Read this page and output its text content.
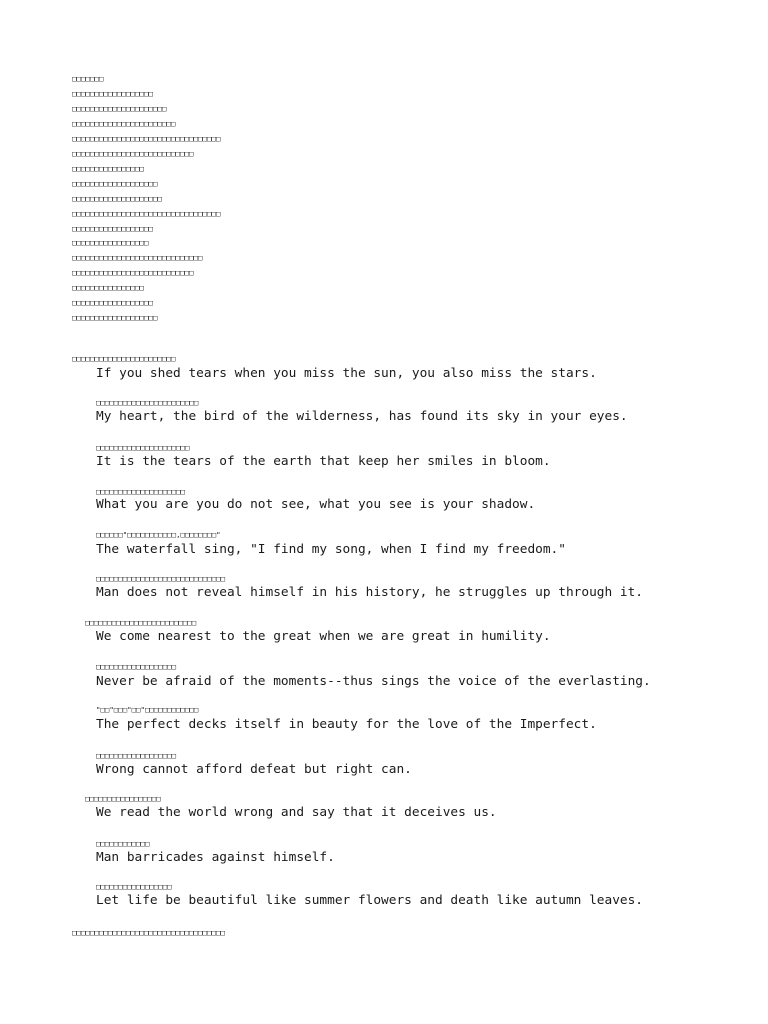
□□□□□□□
□□□□□□□□□□□□□□□□□□
□□□□□□□□□□□□□□□□□□□□□
□□□□□□□□□□□□□□□□□□□□□□□
□□□□□□□□□□□□□□□□□□□□□□□□□□□□□□□□□
□□□□□□□□□□□□□□□□□□□□□□□□□□□
□□□□□□□□□□□□□□□□
□□□□□□□□□□□□□□□□□□□
□□□□□□□□□□□□□□□□□□□□
□□□□□□□□□□□□□□□□□□□□□□□□□□□□□□□□□
□□□□□□□□□□□□□□□□□□
□□□□□□□□□□□□□□□□□
□□□□□□□□□□□□□□□□□□□□□□□□□□□□□
□□□□□□□□□□□□□□□□□□□□□□□□□□□
□□□□□□□□□□□□□□□□
□□□□□□□□□□□□□□□□□□
□□□□□□□□□□□□□□□□□□□
□□□□□□□□□□□□□□□□□□□□□□□
If you shed tears when you miss the sun, you also miss the stars.
□□□□□□□□□□□□□□□□□□□□□□□
My heart, the bird of the wilderness, has found its sky in your eyes.
□□□□□□□□□□□□□□□□□□□□□
It is the tears of the earth that keep her smiles in bloom.
□□□□□□□□□□□□□□□□□□□□
What you are you do not see, what you see is your shadow.
□□□□□□"□□□□□□□□□□□,□□□□□□□□"
The waterfall sing, "I find my song, when I find my freedom."
□□□□□□□□□□□□□□□□□□□□□□□□□□□□□
Man does not reveal himself in his history, he struggles up through it.
□□□□□□□□□□□□□□□□□□□□□□□□□
We come nearest to the great when we are great in humility.
□□□□□□□□□□□□□□□□□□
Never be afraid of the moments--thus sings the voice of the everlasting.
"□□"□□□"□□"□□□□□□□□□□□□
The perfect decks itself in beauty for the love of the Imperfect.
□□□□□□□□□□□□□□□□□□
Wrong cannot afford defeat but right can.
□□□□□□□□□□□□□□□□□
We read the world wrong and say that it deceives us.
□□□□□□□□□□□□
Man barricades against himself.
□□□□□□□□□□□□□□□□□
Let life be beautiful like summer flowers and death like autumn leaves.
□□□□□□□□□□□□□□□□□□□□□□□□□□□□□□□□□□
